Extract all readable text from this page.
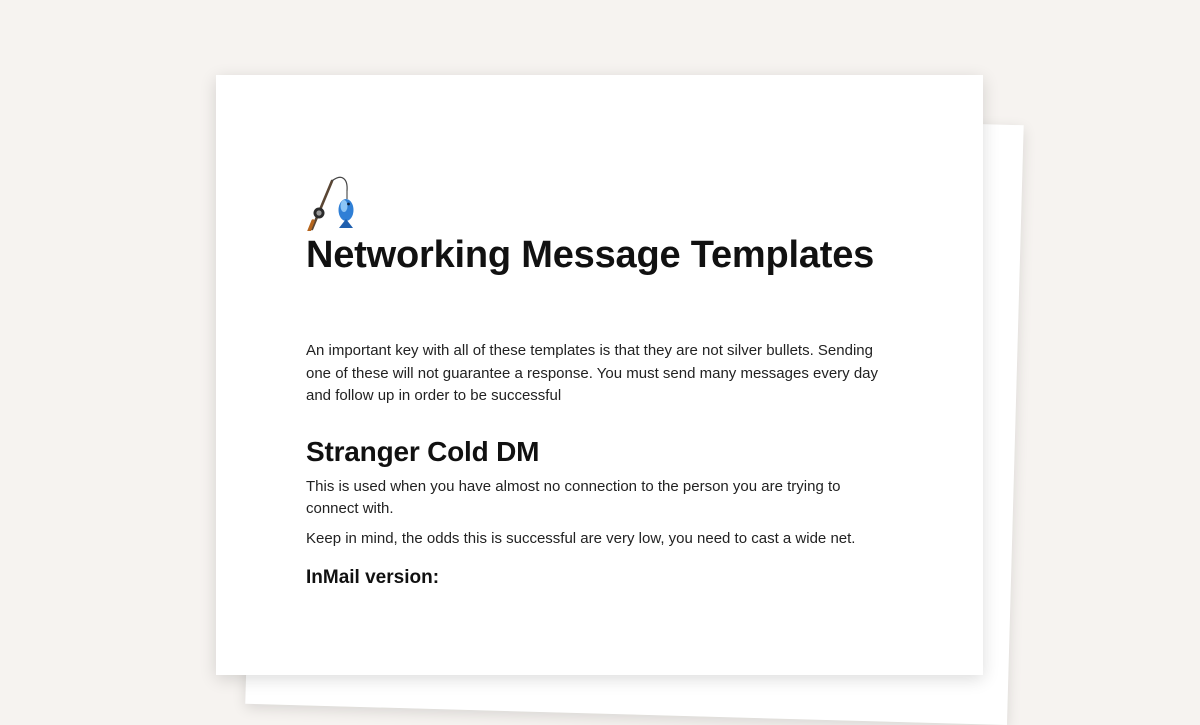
Networking Message Templates

An important key with all of these templates is that they are not silver bullets. Sending one of these will not guarantee a response. You must send many messages every day and follow up in order to be successful

Stranger Cold DM

This is used when you have almost no connection to the person you are trying to connect with.

Keep in mind, the odds this is successful are very low, you need to cast a wide net.

InMail version:
